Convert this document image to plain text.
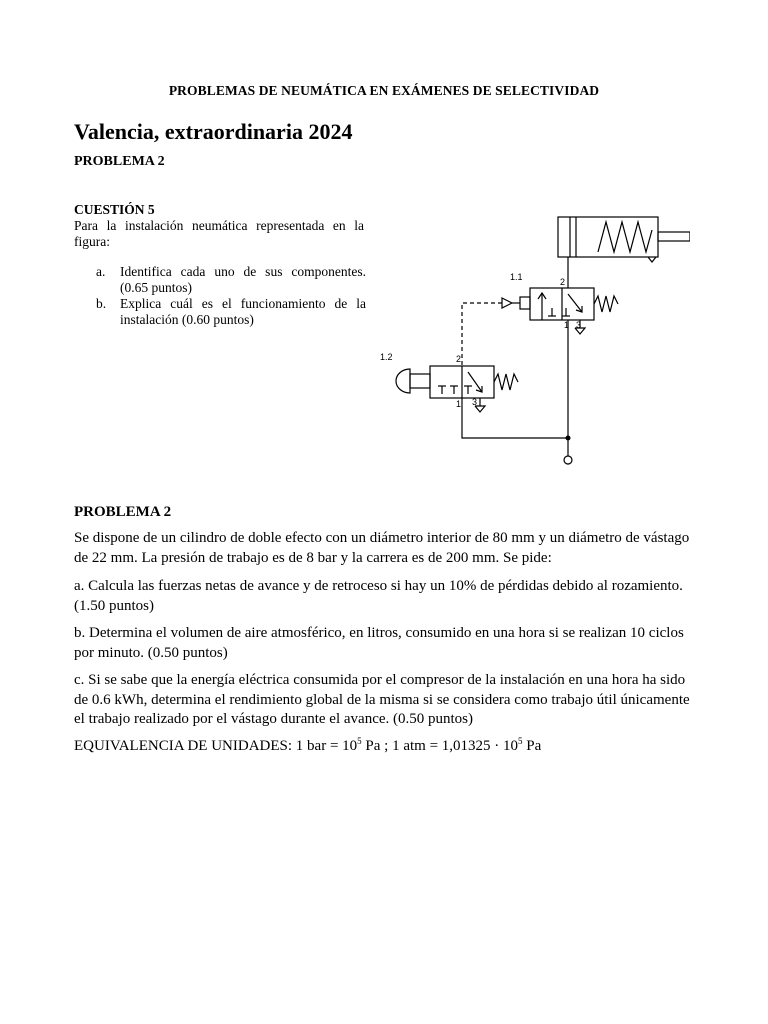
PROBLEMAS DE NEUMÁTICA EN EXÁMENES DE SELECTIVIDAD
Valencia, extraordinaria 2024
PROBLEMA 2
CUESTIÓN 5
Para la instalación neumática representada en la figura:
a. Identifica cada uno de sus componentes. (0.65 puntos)
b. Explica cuál es el funcionamiento de la instalación (0.60 puntos)
1.1	2
1 3
1.2	2
1 3
PROBLEMA 2
Se dispone de un cilindro de doble efecto con un diámetro interior de 80 mm y un diámetro de vástago de 22 mm. La presión de trabajo es de 8 bar y la carrera es de 200 mm. Se pide:
a. Calcula las fuerzas netas de avance y de retroceso si hay un 10% de pérdidas debido al rozamiento. (1.50 puntos)
b. Determina el volumen de aire atmosférico, en litros, consumido en una hora si se realizan 10 ciclos por minuto. (0.50 puntos)
c. Si se sabe que la energía eléctrica consumida por el compresor de la instalación en una hora ha sido de 0.6 kWh, determina el rendimiento global de la misma si se considera como trabajo útil únicamente el trabajo realizado por el vástago durante el avance. (0.50 puntos)
EQUIVALENCIA DE UNIDADES: 1 bar = $10^5$ Pa ; 1 atm = $1,01325 \cdot 10^5$ Pa
